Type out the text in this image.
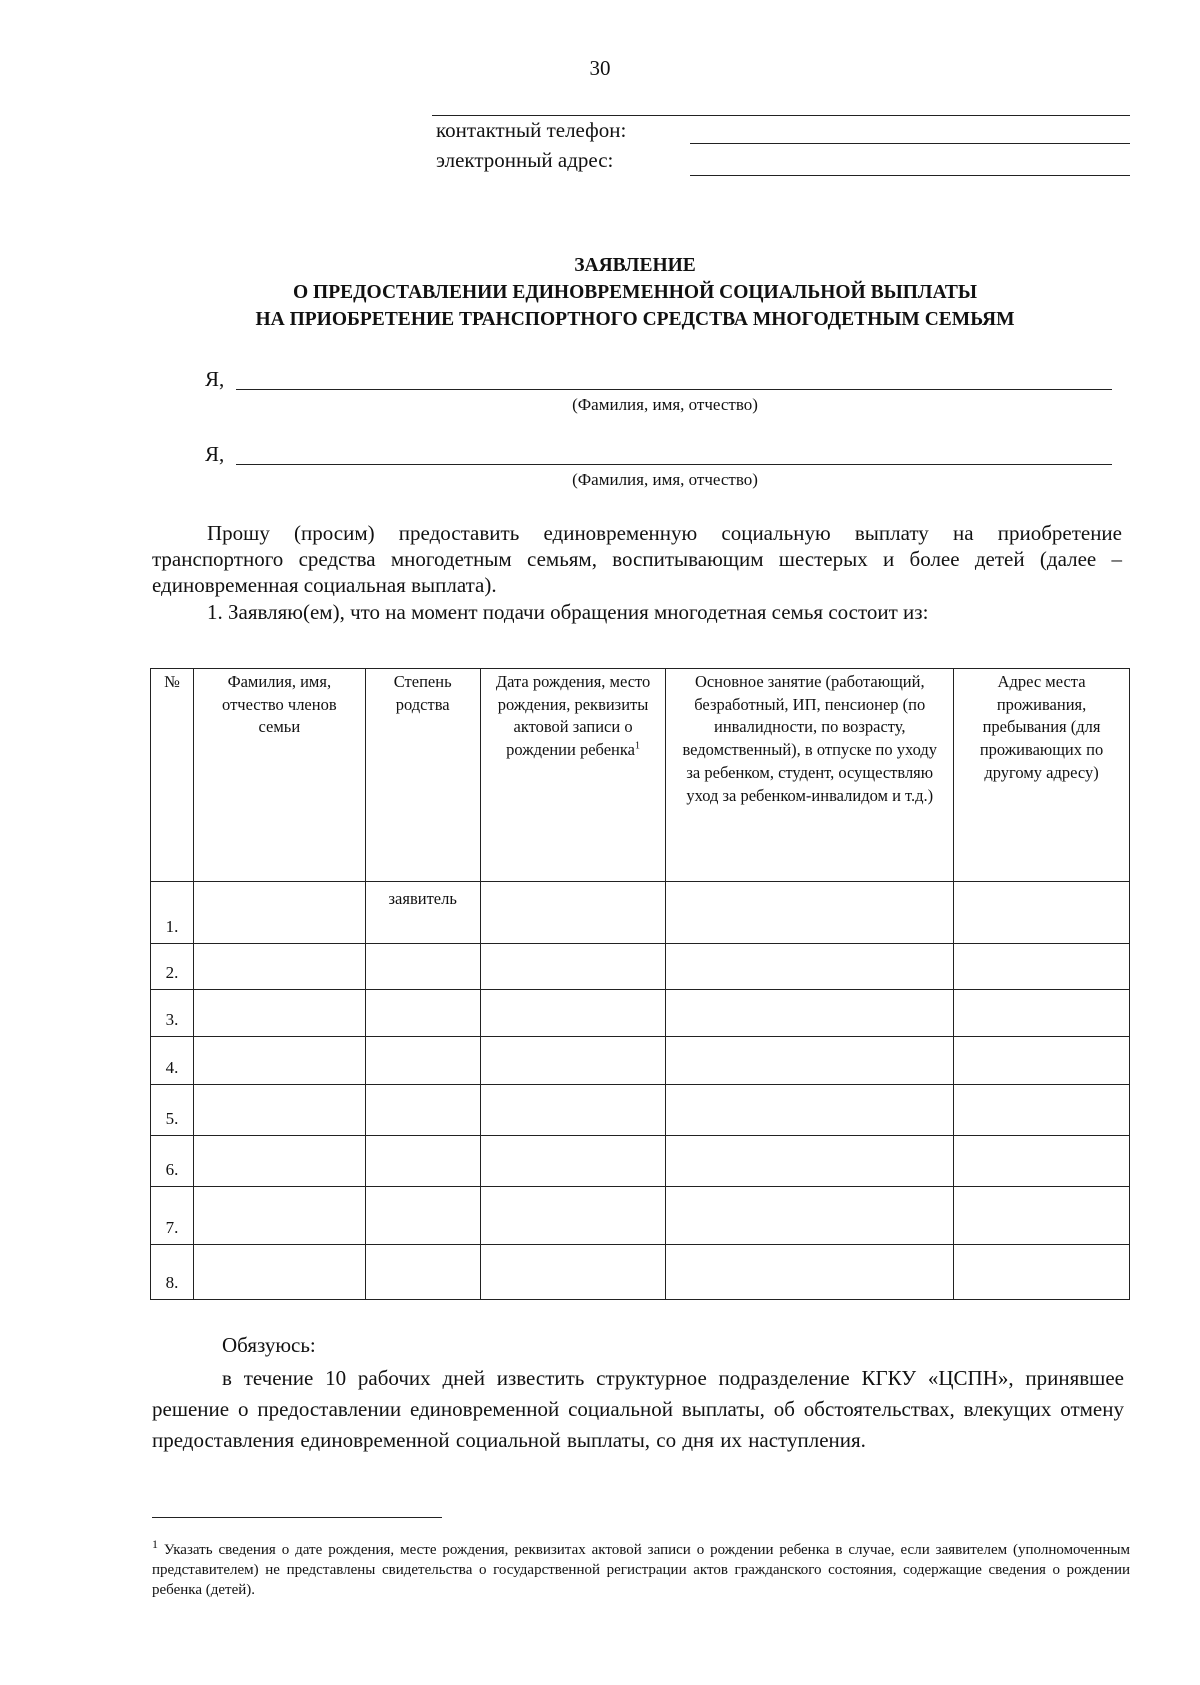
30
контактный телефон:
электронный адрес:
ЗАЯВЛЕНИЕ
О ПРЕДОСТАВЛЕНИИ ЕДИНОВРЕМЕННОЙ СОЦИАЛЬНОЙ ВЫПЛАТЫ
НА ПРИОБРЕТЕНИЕ ТРАНСПОРТНОГО СРЕДСТВА МНОГОДЕТНЫМ СЕМЬЯМ
Я,
(Фамилия, имя, отчество)
Я,
(Фамилия, имя, отчество)
Прошу (просим) предоставить единовременную социальную выплату на приобретение транспортного средства многодетным семьям, воспитывающим шестерых и более детей (далее – единовременная социальная выплата).
1. Заявляю(ем), что на момент подачи обращения многодетная семья состоит из:
№	Фамилия, имя, отчество членов семьи	Степень родства	Дата рождения, место рождения, реквизиты актовой записи о рождении ребенка$^1$	Основное занятие (работающий, безработный, ИП, пенсионер (по инвалидности, по возрасту, ведомственный), в отпуске по уходу за ребенком, студент, осуществляю уход за ребенком-инвалидом и т.д.)	Адрес места проживания, пребывания (для проживающих по другому адресу)
1.		заявитель			
2.					
3.					
4.					
5.					
6.					
7.					
8.					
Обязуюсь:
в течение 10 рабочих дней известить структурное подразделение КГКУ «ЦСПН», принявшее решение о предоставлении единовременной социальной выплаты, об обстоятельствах, влекущих отмену предоставления единовременной социальной выплаты, со дня их наступления.
$^1$ Указать сведения о дате рождения, месте рождения, реквизитах актовой записи о рождении ребенка в случае, если заявителем (уполномоченным представителем) не представлены свидетельства о государственной регистрации актов гражданского состояния, содержащие сведения о рождении ребенка (детей).
